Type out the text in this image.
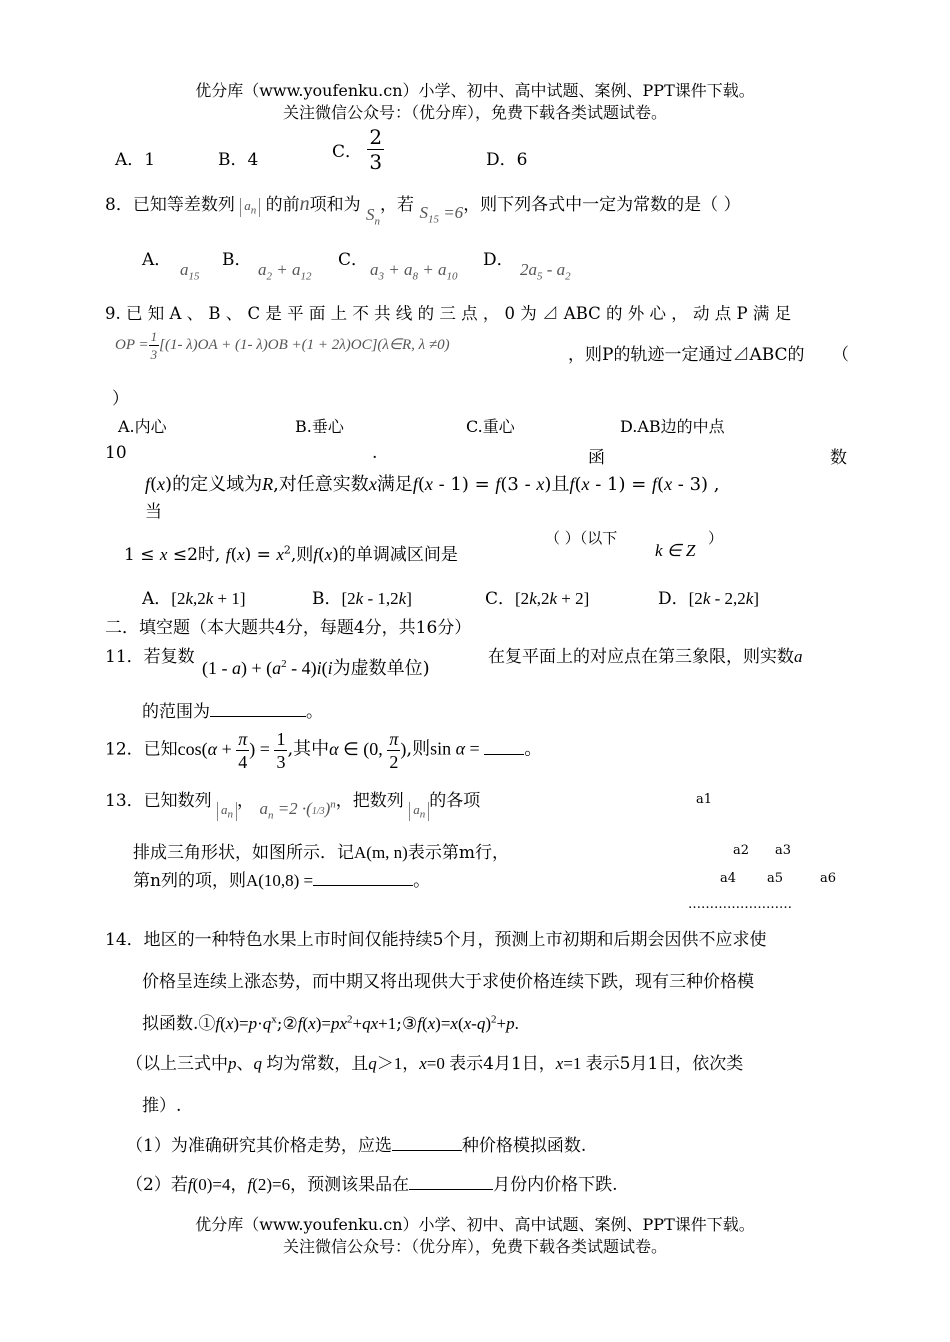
优分库（www.youfenku.cn）小学、初中、高中试题、案例、PPT课件下载。
关注微信公众号：（优分库），免费下载各类试题试卷。
A．1	B．4	C． $\frac{2}{3}$	D．6
8．已知等差数列 $a_n$ 的前n项和为 $S_n$，若 $S_{15} =6$，则下列各式中一定为常数的是（ ）
A． $a_{15}$
B． $a_2 + a_{12}$
C． $a_3 + a_8 + a_{10}$
D． $2a_5 - a_2$
9. 已 知 A 、 B 、 C 是 平 面 上 不 共 线 的 三 点 ， 0 为 ⊿ ABC 的 外 心 ， 动 点 P 满 足
OP = $\frac{1}{3} [(1-$ λ)OA + (1- λ)OB +(1 + 2λ)OC](λ∈R, λ ≠0)
，则P的轨迹一定通过⊿ABC的 （
）
A.内心	B.垂心	C.重心	D.AB边的中点
10	.	函	数
f(x)的定义域为R,对任意实数x满足f(x - 1) = f(3 - x)且f(x - 1) = f(x - 3) ,
当
1 ≤ x ≤2时, $f(x) = x^2$,则f(x)的单调减区间是
（ ）（以下
k ∈ Z
）
A．[2k,2k + 1]	B．[2k - 1,2k]	C．[2k,2k + 2]	D．[2k - 2,2k]
二．填空题（本大题共4分，每题4分，共16分）
11．若复数
$(1 - a) + (a^2 - 4)i(i$为虚数单位)
在复平面上的对应点在第三象限，则实数a
的范围为	。
12．已知$\cos(\alpha + \frac{\pi}{4}$ ) = $\frac{1}{3}$ ,其中α ∈ (0, $\frac{\pi}{2}$ ),则sin α = 。
13．已知数列 $a_n$， $a_n =2 \cdot(1/3)^n$，把数列 $a_n$的各项
排成三角形状，如图所示．记A(m, n)表示第m行，
第n列的项，则A(10,8) =	。
a1
a2 a3
a4 a5	a6
……………………
14．地区的一种特色水果上市时间仅能持续5个月，预测上市初期和后期会因供不应求使
价格呈连续上涨态势，而中期又将出现供大于求使价格连续下跌，现有三种价格模
拟函数$.①f(x)=p\cdot q^x;②f(x)=px^2+qx+1;③f(x)=x(x-q)^2+p$.
（以上三式中p、q 均为常数，且q＞1，x=0 表示4月1日，x=1 表示5月1日，依次类
推）.
（1）为准确研究其价格走势，应选	种价格模拟函数.
（2）若f(0)=4，f(2)=6，预测该果品在	月份内价格下跌.
优分库（www.youfenku.cn）小学、初中、高中试题、案例、PPT课件下载。
关注微信公众号：（优分库），免费下载各类试题试卷。
